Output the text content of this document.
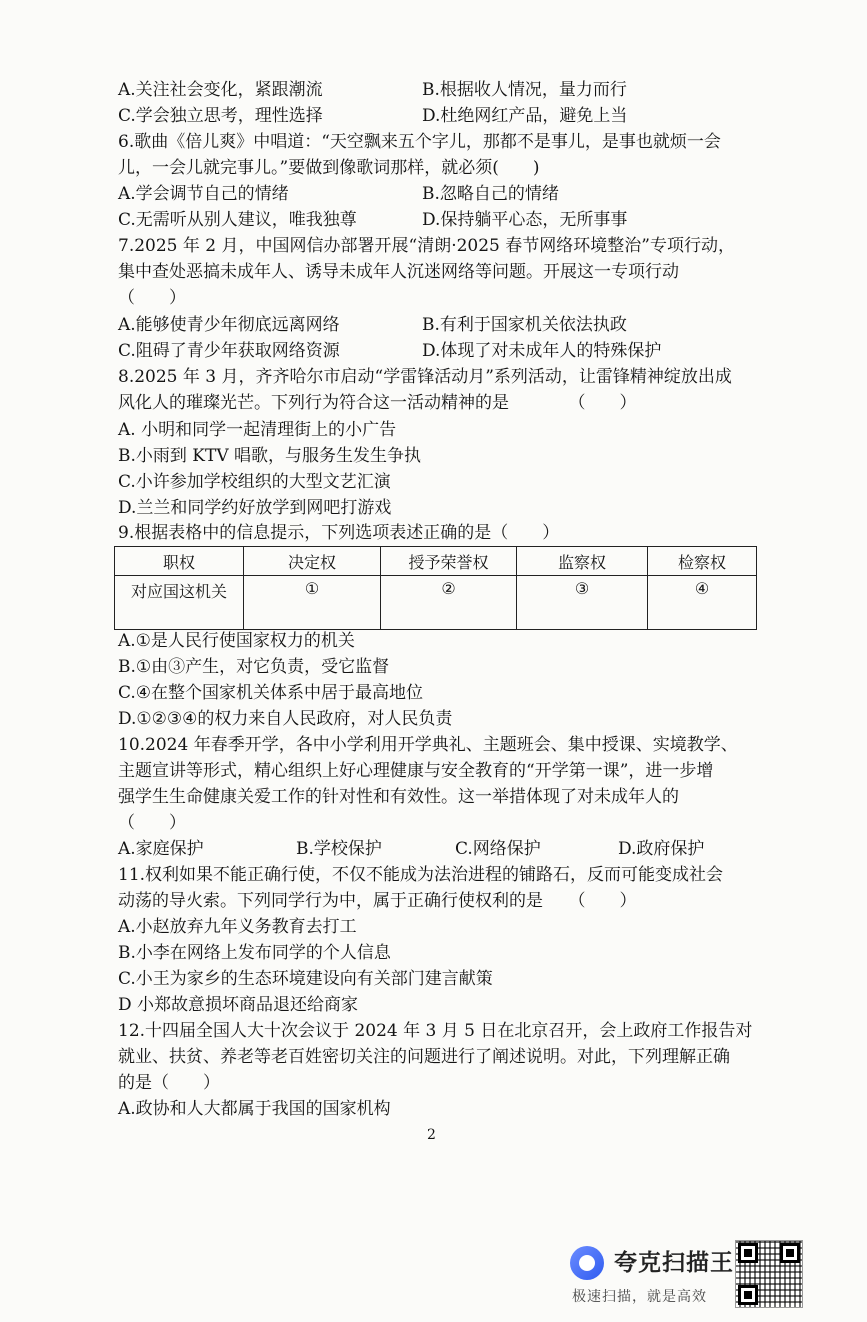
A.关注社会变化，紧跟潮流	B.根据收人情况，量力而行
C.学会独立思考，理性选择	D.杜绝网红产品，避免上当
6.歌曲《倍儿爽》中唱道：“天空飘来五个字儿，那都不是事儿，是事也就烦一会
儿，一会儿就完事儿。”要做到像歌词那样，就必须(　　)
A.学会调节自己的情绪	B.忽略自己的情绪
C.无需听从别人建议，唯我独尊	D.保持躺平心态，无所事事
7.2025 年 2 月，中国网信办部署开展“清朗·2025 春节网络环境整治”专项行动，
集中查处恶搞未成年人、诱导未成年人沉迷网络等问题。开展这一专项行动
（　　）
A.能够使青少年彻底远离网络	B.有利于国家机关依法执政
C.阻碍了青少年获取网络资源	D.体现了对未成年人的特殊保护
8.2025 年 3 月，齐齐哈尔市启动“学雷锋活动月”系列活动，让雷锋精神绽放出成
风化人的璀璨光芒。下列行为符合这一活动精神的是　　　　（　　）
A. 小明和同学一起清理街上的小广告
B.小雨到 KTV 唱歌，与服务生发生争执
C.小许参加学校组织的大型文艺汇演
D.兰兰和同学约好放学到网吧打游戏
9.根据表格中的信息提示，下列选项表述正确的是（　　）
职权	决定权	授予荣誉权	监察权	检察权
对应国这机关	①	②	③	④
A.①是人民行使国家权力的机关
B.①由③产生，对它负责，受它监督
C.④在整个国家机关体系中居于最高地位
D.①②③④的权力来自人民政府，对人民负责
10.2024 年春季开学，各中小学利用开学典礼、主题班会、集中授课、实境教学、
主题宣讲等形式，精心组织上好心理健康与安全教育的“开学第一课”，进一步增
强学生生命健康关爱工作的针对性和有效性。这一举措体现了对未成年人的
（　　）
A.家庭保护	B.学校保护	C.网络保护	D.政府保护
11.权利如果不能正确行使，不仅不能成为法治进程的铺路石，反而可能变成社会
动荡的导火索。下列同学行为中，属于正确行使权利的是　　（　　）
A.小赵放弃九年义务教育去打工
B.小李在网络上发布同学的个人信息
C.小王为家乡的生态环境建设向有关部门建言献策
D 小郑故意损坏商品退还给商家
12.十四届全国人大十次会议于 2024 年 3 月 5 日在北京召开，会上政府工作报告对
就业、扶贫、养老等老百姓密切关注的问题进行了阐述说明。对此，下列理解正确
的是（　　）
A.政协和人大都属于我国的国家机构
2
夸克扫描王
极速扫描，就是高效
